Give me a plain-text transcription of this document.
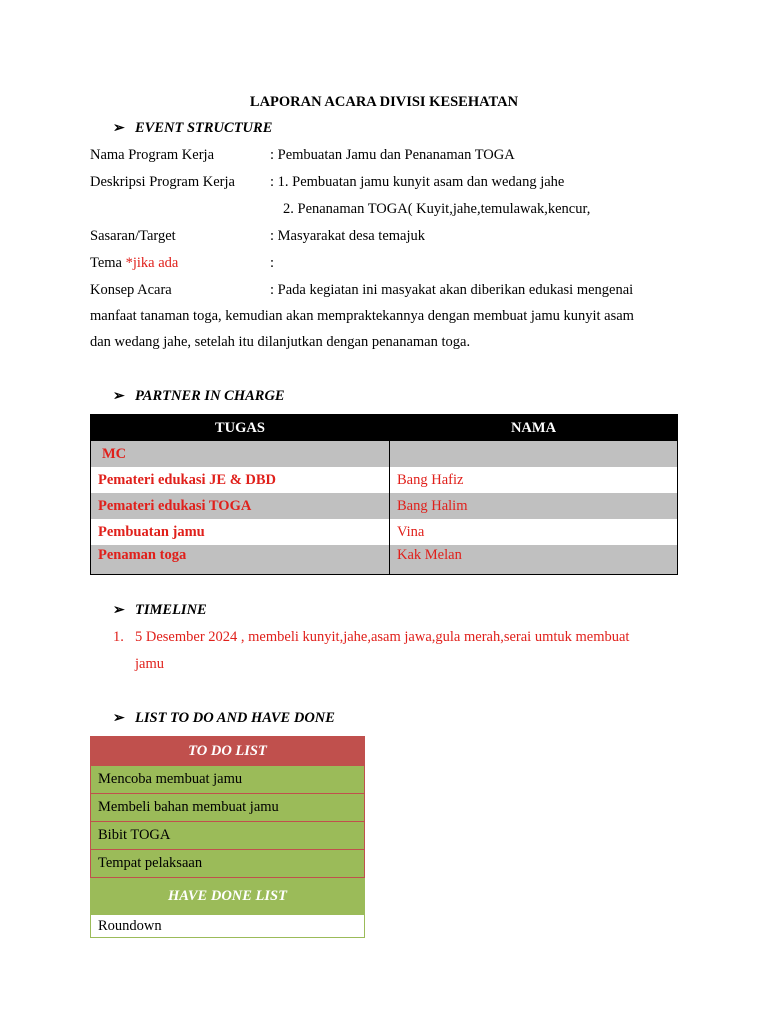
LAPORAN ACARA DIVISI KESEHATAN
➢ EVENT STRUCTURE
Nama Program Kerja	: Pembuatan Jamu dan Penanaman TOGA
Deskripsi Program Kerja : 1. Pembuatan jamu kunyit asam dan wedang jahe
2. Penanaman TOGA( Kuyit,jahe,temulawak,kencur,
Sasaran/Target	: Masyarakat desa temajuk
Tema *jika ada	:
Konsep Acara	: Pada kegiatan ini masyakat akan diberikan edukasi mengenai
manfaat tanaman toga, kemudian akan mempraktekannya dengan membuat jamu kunyit asam
dan wedang jahe, setelah itu dilanjutkan dengan penanaman toga.
➢ PARTNER IN CHARGE
TUGAS	NAMA
MC	
Pemateri edukasi JE & DBD	Bang Hafiz
Pemateri edukasi TOGA	Bang Halim
Pembuatan jamu	Vina
Penaman toga	Kak Melan
➢ TIMELINE
1. 5 Desember 2024 , membeli kunyit,jahe,asam jawa,gula merah,serai umtuk membuat
jamu
➢ LIST TO DO AND HAVE DONE
TO DO LIST
Mencoba membuat jamu
Membeli bahan membuat jamu
Bibit TOGA
Tempat pelaksaan
HAVE DONE LIST
Roundown
